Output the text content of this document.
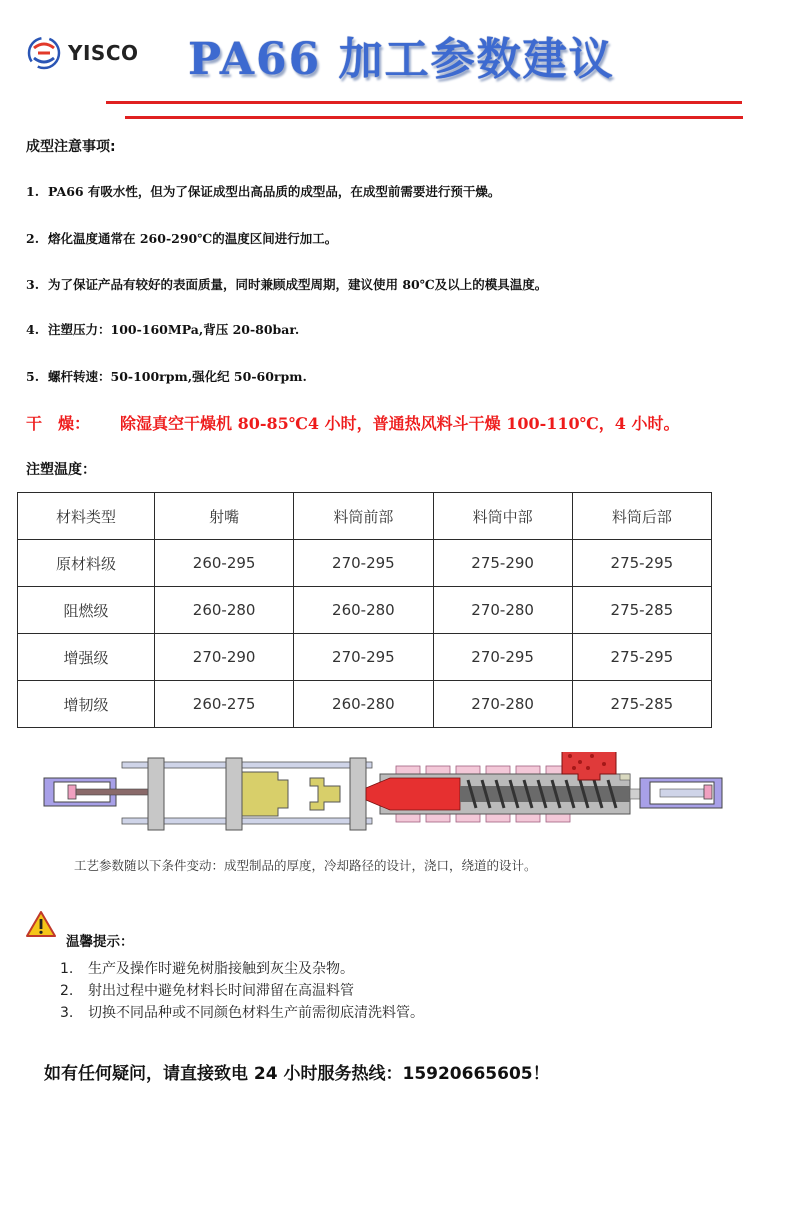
YISCO PA66 加工参数建议
成型注意事项:
1. PA66 有吸水性，但为了保证成型出高品质的成型品，在成型前需要进行预干燥。
2. 熔化温度通常在 260-290℃的温度区间进行加工。
3. 为了保证产品有较好的表面质量，同时兼顾成型周期，建议使用 80℃及以上的模具温度。
4. 注塑压力：100-160MPa,背压 20-80bar.
5. 螺杆转速：50-100rpm,强化纪 50-60rpm.
干　燥： 除湿真空干燥机 80-85℃4 小时，普通热风料斗干燥 100-110℃，4 小时。
注塑温度：
材料类型	射嘴	料筒前部	料筒中部	料筒后部
原材料级	260-295	270-295	275-290	275-295
阻燃级	260-280	260-280	270-280	275-285
增强级	270-290	270-295	270-295	275-295
增韧级	260-275	260-280	270-280	275-285
工艺参数随以下条件变动：成型制品的厚度，冷却路径的设计，浇口，绕道的设计。
温馨提示：
1. 生产及操作时避免树脂接触到灰尘及杂物。
2. 射出过程中避免材料长时间滞留在高温料管
3. 切换不同品种或不同颜色材料生产前需彻底清洗料管。
如有任何疑问，请直接致电 24 小时服务热线：15920665605！
